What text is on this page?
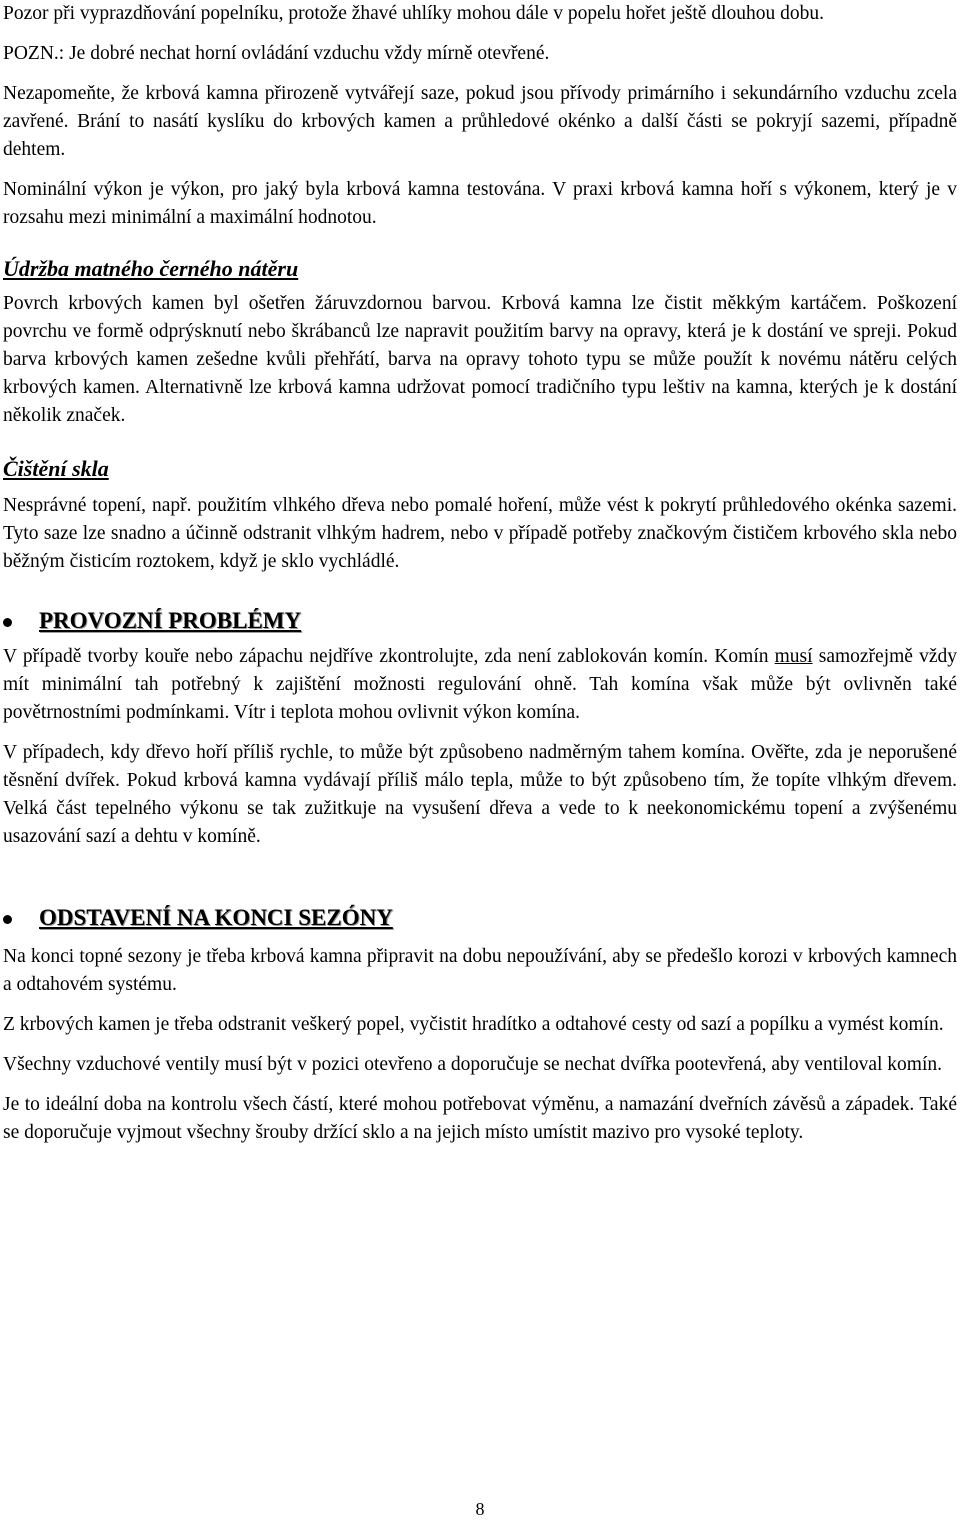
Pozor při vyprazdňování popelníku, protože žhavé uhlíky mohou dále v popelu hořet ještě dlouhou dobu.

POZN.: Je dobré nechat horní ovládání vzduchu vždy mírně otevřené.

Nezapomeňte, že krbová kamna přirozeně vytvářejí saze, pokud jsou přívody primárního i sekundárního vzduchu zcela zavřené. Brání to nasátí kyslíku do krbových kamen a průhledové okénko a další části se pokryjí sazemi, případně dehtem.

Nominální výkon je výkon, pro jaký byla krbová kamna testována. V praxi krbová kamna hoří s výkonem, který je v rozsahu mezi minimální a maximální hodnotou.

Údržba matného černého nátěru

Povrch krbových kamen byl ošetřen žáruvzdornou barvou. Krbová kamna lze čistit měkkým kartáčem. Poškození povrchu ve formě odprýsknutí nebo škrábanců lze napravit použitím barvy na opravy, která je k dostání ve spreji. Pokud barva krbových kamen zešedne kvůli přehřátí, barva na opravy tohoto typu se může použít k novému nátěru celých krbových kamen. Alternativně lze krbová kamna udržovat pomocí tradičního typu leštiv na kamna, kterých je k dostání několik značek.

Čištění skla

Nesprávné topení, např. použitím vlhkého dřeva nebo pomalé hoření, může vést k pokrytí průhledového okénka sazemi. Tyto saze lze snadno a účinně odstranit vlhkým hadrem, nebo v případě potřeby značkovým čističem krbového skla nebo běžným čisticím roztokem, když je sklo vychládlé.

PROVOZNÍ PROBLÉMY

V případě tvorby kouře nebo zápachu nejdříve zkontrolujte, zda není zablokován komín. Komín musí samozřejmě vždy mít minimální tah potřebný k zajištění možnosti regulování ohně. Tah komína však může být ovlivněn také povětrnostními podmínkami. Vítr i teplota mohou ovlivnit výkon komína.

V případech, kdy dřevo hoří příliš rychle, to může být způsobeno nadměrným tahem komína. Ověřte, zda je neporušené těsnění dvířek. Pokud krbová kamna vydávají příliš málo tepla, může to být způsobeno tím, že topíte vlhkým dřevem. Velká část tepelného výkonu se tak zužitkuje na vysušení dřeva a vede to k neekonomickému topení a zvýšenému usazování sazí a dehtu v komíně.

ODSTAVENÍ NA KONCI SEZÓNY

Na konci topné sezony je třeba krbová kamna připravit na dobu nepoužívání, aby se předešlo korozi v krbových kamnech a odtahovém systému.

Z krbových kamen je třeba odstranit veškerý popel, vyčistit hradítko a odtahové cesty od sazí a popílku a vymést komín.

Všechny vzduchové ventily musí být v pozici otevřeno a doporučuje se nechat dvířka pootevřená, aby ventiloval komín.

Je to ideální doba na kontrolu všech částí, které mohou potřebovat výměnu, a namazání dveřních závěsů a západek. Také se doporučuje vyjmout všechny šrouby držící sklo a na jejich místo umístit mazivo pro vysoké teploty.

8
